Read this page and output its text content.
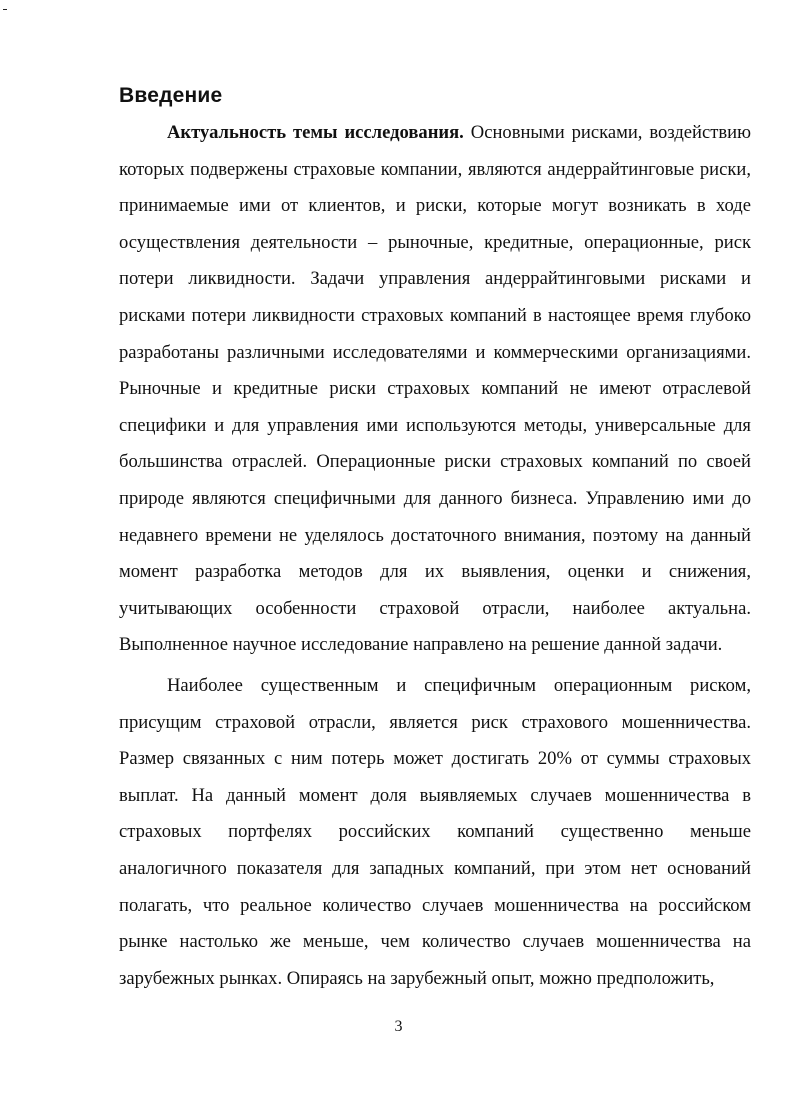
Введение

Актуальность темы исследования. Основными рисками, воздействию которых подвержены страховые компании, являются андеррайтинговые риски, принимаемые ими от клиентов, и риски, которые могут возникать в ходе осуществления деятельности – рыночные, кредитные, операционные, риск потери ликвидности. Задачи управления андеррайтинговыми рисками и рисками потери ликвидности страховых компаний в настоящее время глубоко разработаны различными исследователями и коммерческими организациями. Рыночные и кредитные риски страховых компаний не имеют отраслевой специфики и для управления ими используются методы, универсальные для большинства отраслей. Операционные риски страховых компаний по своей природе являются специфичными для данного бизнеса. Управлению ими до недавнего времени не уделялось достаточного внимания, поэтому на данный момент разработка методов для их выявления, оценки и снижения, учитывающих особенности страховой отрасли, наиболее актуальна. Выполненное научное исследование направлено на решение данной задачи.

Наиболее существенным и специфичным операционным риском, присущим страховой отрасли, является риск страхового мошенничества. Размер связанных с ним потерь может достигать 20% от суммы страховых выплат. На данный момент доля выявляемых случаев мошенничества в страховых портфелях российских компаний существенно меньше аналогичного показателя для западных компаний, при этом нет оснований полагать, что реальное количество случаев мошенничества на российском рынке настолько же меньше, чем количество случаев мошенничества на зарубежных рынках. Опираясь на зарубежный опыт, можно предположить,

3
